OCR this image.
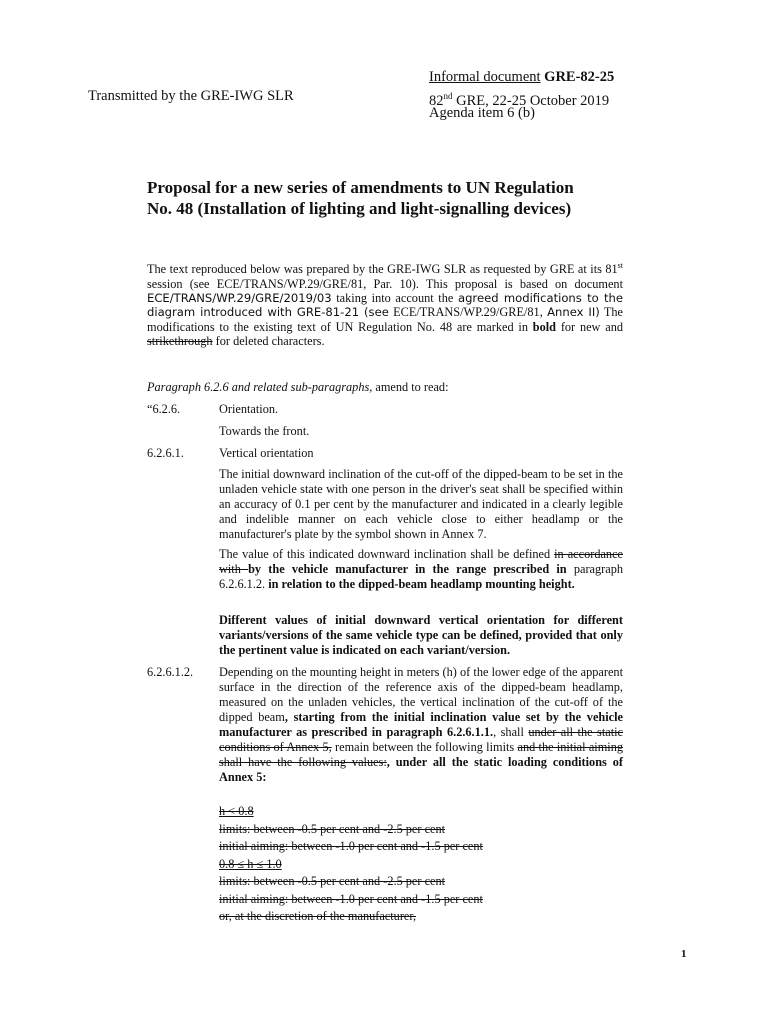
Transmitted by the GRE-IWG SLR
Informal document GRE-82-25
82nd GRE, 22-25 October 2019
Agenda item 6 (b)
Proposal for a new series of amendments to UN Regulation
No. 48 (Installation of lighting and light-signalling devices)
The text reproduced below was prepared by the GRE-IWG SLR as requested by GRE at its 81st session (see ECE/TRANS/WP.29/GRE/81, Par. 10). This proposal is based on document ECE/TRANS/WP.29/GRE/2019/03 taking into account the agreed modifications to the diagram introduced with GRE-81-21 (see ECE/TRANS/WP.29/GRE/81, Annex II) The modifications to the existing text of UN Regulation No. 48 are marked in bold for new and strikethrough for deleted characters.
Paragraph 6.2.6 and related sub-paragraphs, amend to read:
“6.2.6.	Orientation.
Towards the front.
6.2.6.1.	Vertical orientation
The initial downward inclination of the cut-off of the dipped-beam to be set in the unladen vehicle state with one person in the driver's seat shall be specified within an accuracy of 0.1 per cent by the manufacturer and indicated in a clearly legible and indelible manner on each vehicle close to either headlamp or the manufacturer's plate by the symbol shown in Annex 7.
The value of this indicated downward inclination shall be defined in accordance with by the vehicle manufacturer in the range prescribed in paragraph 6.2.6.1.2. in relation to the dipped-beam headlamp mounting height.
Different values of initial downward vertical orientation for different variants/versions of the same vehicle type can be defined, provided that only the pertinent value is indicated on each variant/version.
6.2.6.1.2. Depending on the mounting height in meters (h) of the lower edge of the apparent surface in the direction of the reference axis of the dipped-beam headlamp, measured on the unladen vehicles, the vertical inclination of the cut-off of the dipped beam, starting from the initial inclination value set by the vehicle manufacturer as prescribed in paragraph 6.2.6.1.1., shall under all the static conditions of Annex 5, remain between the following limits and the initial aiming shall have the following values:, under all the static loading conditions of Annex 5:
h < 0.8
limits: between -0.5 per cent and -2.5 per cent
initial aiming: between -1.0 per cent and -1.5 per cent
0.8 ≤ h ≤ 1.0
limits: between -0.5 per cent and -2.5 per cent
initial aiming: between -1.0 per cent and -1.5 per cent
or, at the discretion of the manufacturer,
1
